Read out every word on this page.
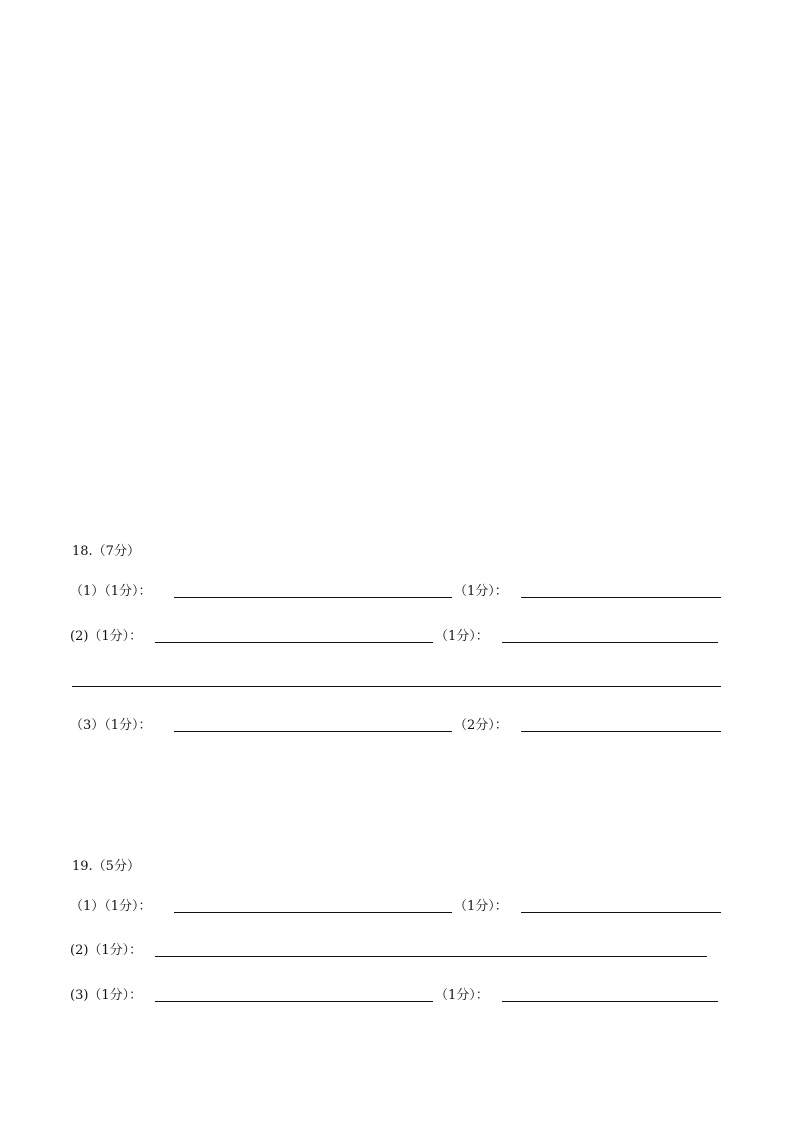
18.（7分）
（1）（1分）：	（1分）：
(2)（1分）：	（1分）：
（3）（1分）：	（2分）：
19.（5分）
（1）（1分）：	（1分）：
(2)（1分）：
(3)（1分）：	（1分）：
